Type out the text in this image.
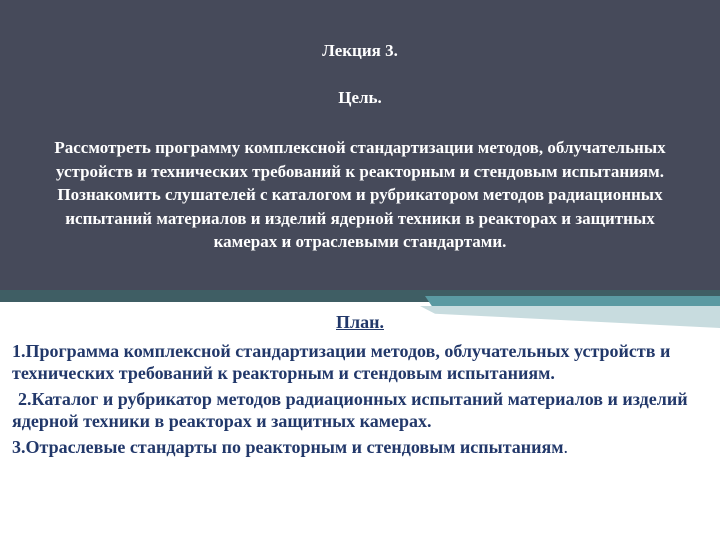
Лекция 3.
Цель.
Рассмотреть программу комплексной стандартизации методов, облучательных устройств и технических требований к реакторным и стендовым испытаниям. Познакомить слушателей с каталогом и рубрикатором методов радиационных испытаний материалов и изделий ядерной техники в реакторах и защитных камерах и отраслевыми стандартами.
План.

1.Программа комплексной стандартизации методов, облучательных устройств и технических требований к реакторным и стендовым испытаниям.

2.Каталог и рубрикатор методов радиационных испытаний материалов и изделий ядерной техники в реакторах и защитных камерах.

3.Отраслевые стандарты по реакторным и стендовым испытаниям.
